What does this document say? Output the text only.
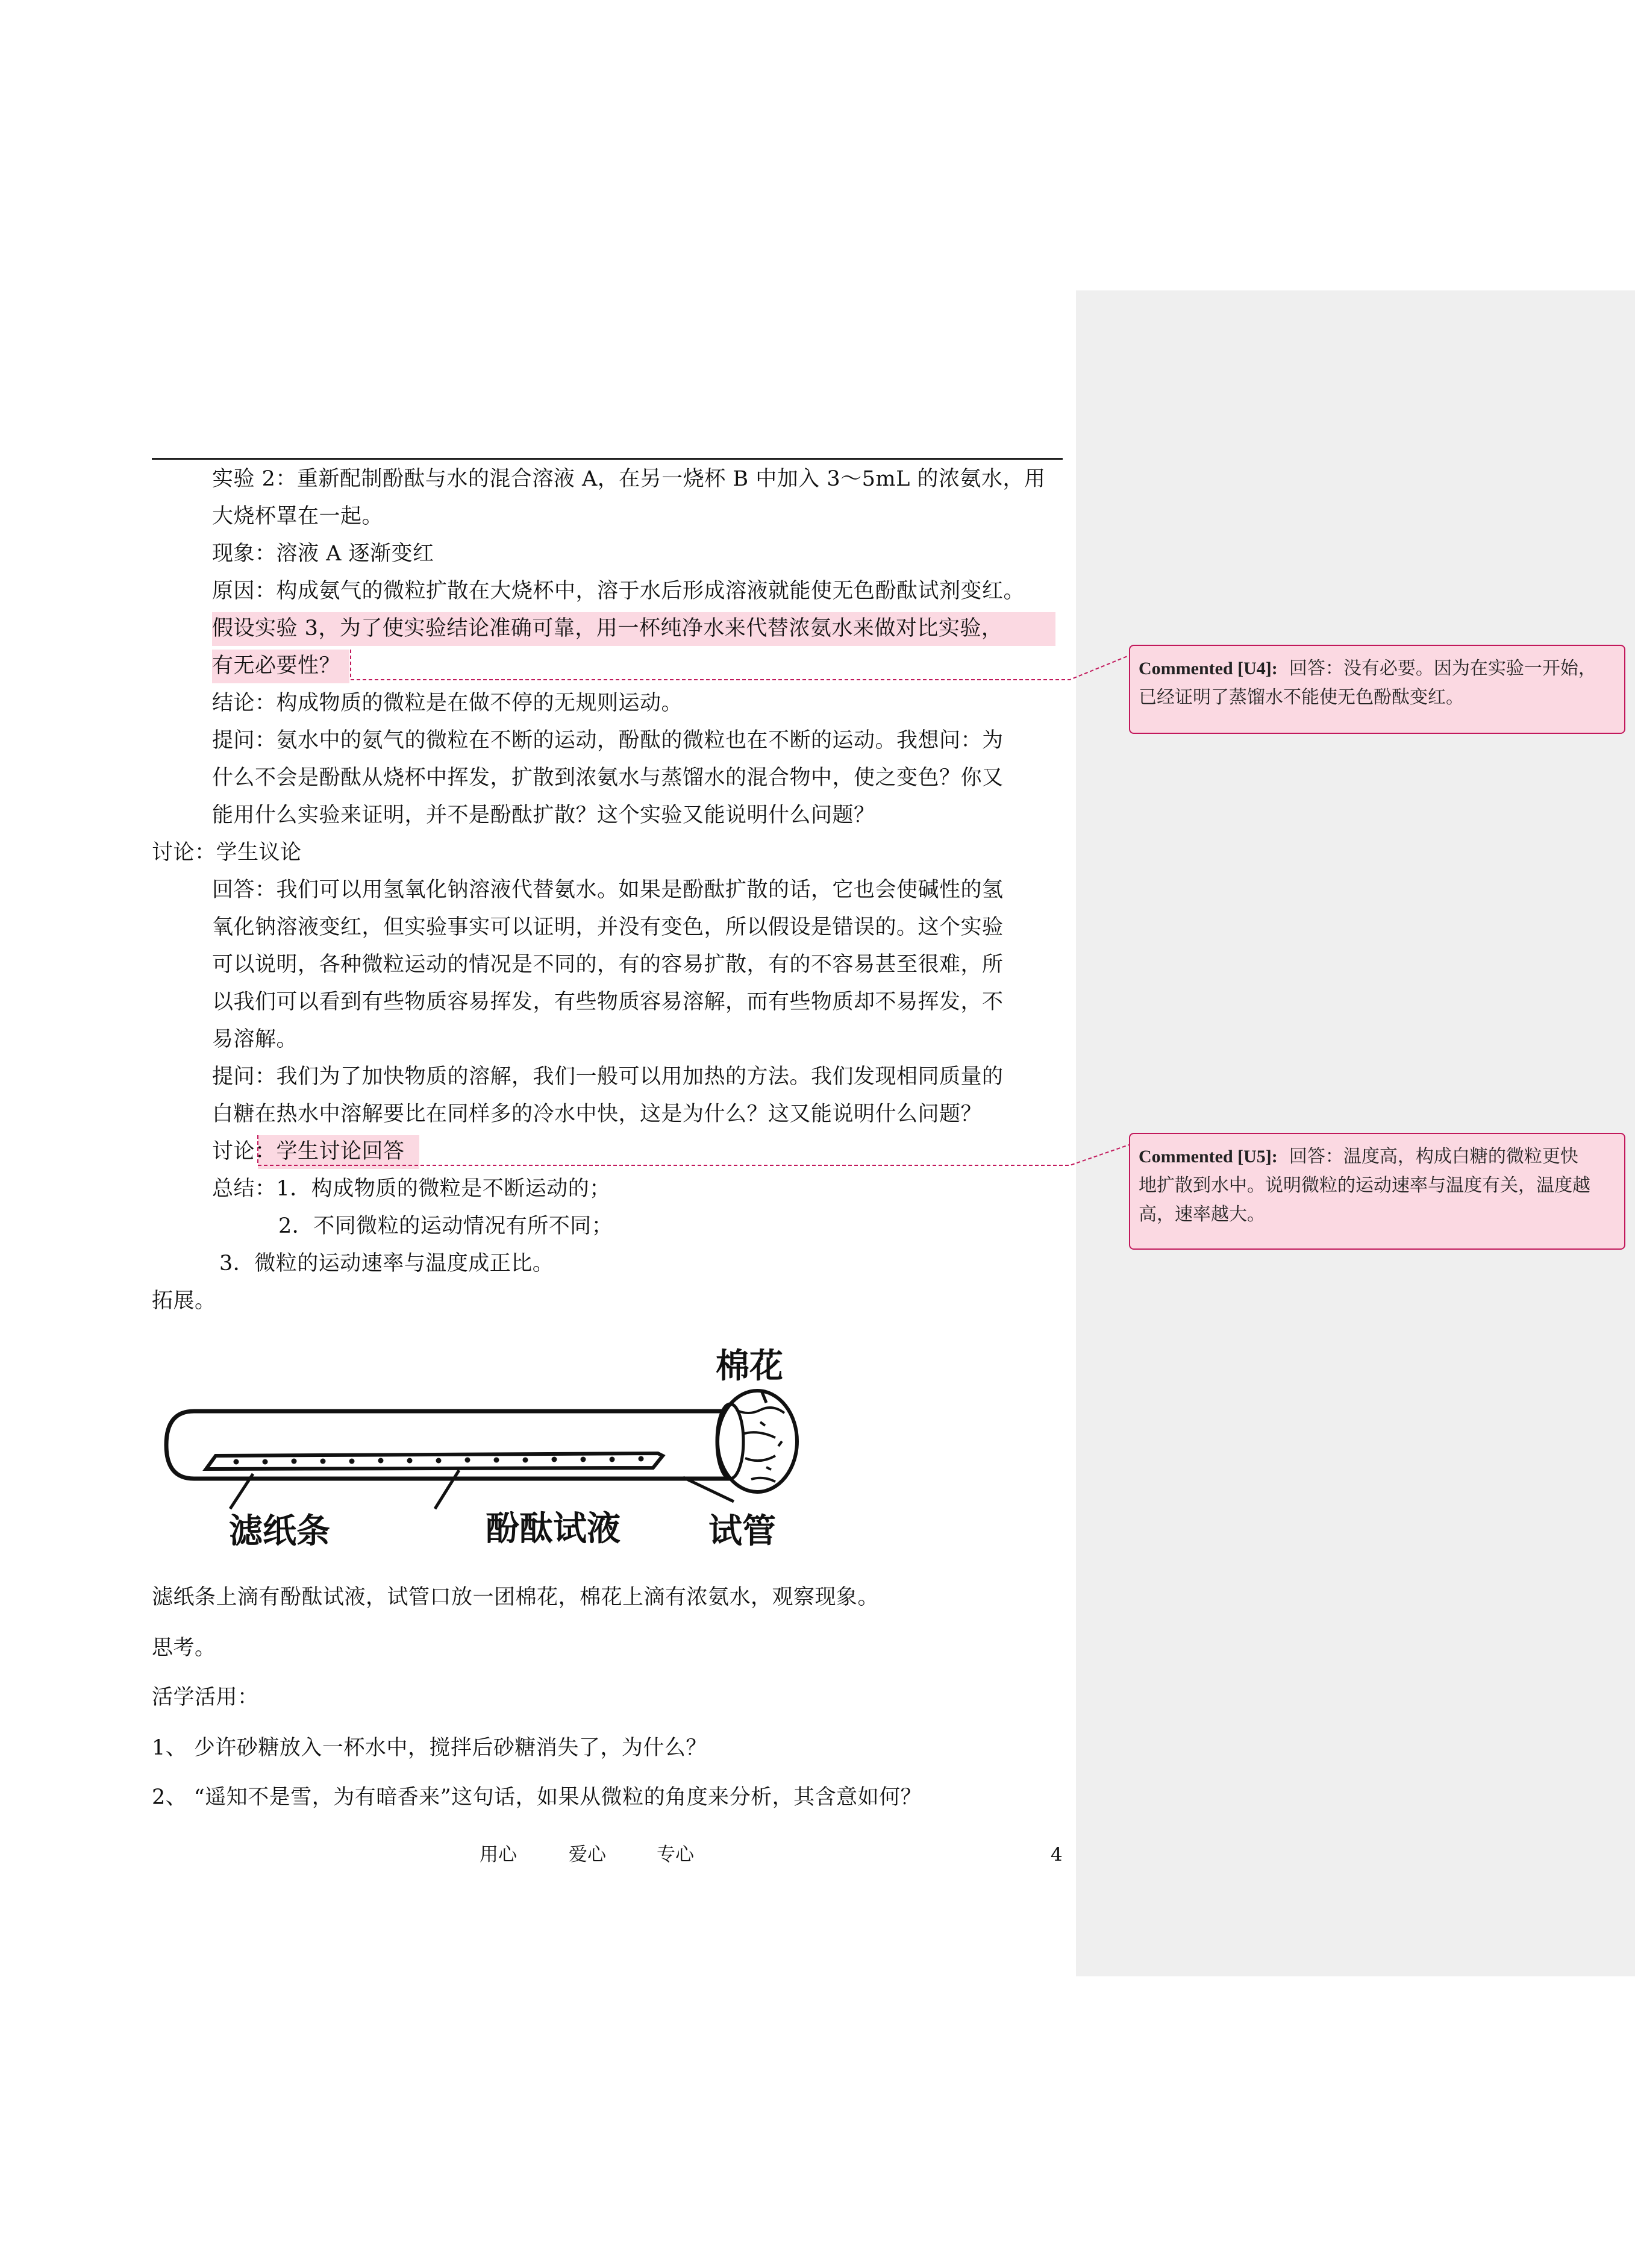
实验 2：重新配制酚酞与水的混合溶液 A，在另一烧杯 B 中加入 3～5mL 的浓氨水，用
大烧杯罩在一起。
现象：溶液 A 逐渐变红
原因：构成氨气的微粒扩散在大烧杯中，溶于水后形成溶液就能使无色酚酞试剂变红。
假设实验 3，为了使实验结论准确可靠，用一杯纯净水来代替浓氨水来做对比实验，
有无必要性？
结论：构成物质的微粒是在做不停的无规则运动。
提问：氨水中的氨气的微粒在不断的运动，酚酞的微粒也在不断的运动。我想问：为
什么不会是酚酞从烧杯中挥发，扩散到浓氨水与蒸馏水的混合物中，使之变色？你又
能用什么实验来证明，并不是酚酞扩散？这个实验又能说明什么问题？
讨论：学生议论
回答：我们可以用氢氧化钠溶液代替氨水。如果是酚酞扩散的话，它也会使碱性的氢
氧化钠溶液变红，但实验事实可以证明，并没有变色，所以假设是错误的。这个实验
可以说明，各种微粒运动的情况是不同的，有的容易扩散，有的不容易甚至很难，所
以我们可以看到有些物质容易挥发，有些物质容易溶解，而有些物质却不易挥发，不
易溶解。
提问：我们为了加快物质的溶解，我们一般可以用加热的方法。我们发现相同质量的
白糖在热水中溶解要比在同样多的冷水中快，这是为什么？这又能说明什么问题？
讨论：学生讨论回答
总结：1．构成物质的微粒是不断运动的；
2．不同微粒的运动情况有所不同；
3．微粒的运动速率与温度成正比。
拓展。
棉花
滤纸条	酚酞试液	试管
滤纸条上滴有酚酞试液，试管口放一团棉花，棉花上滴有浓氨水，观察现象。
思考。
活学活用：
1、 少许砂糖放入一杯水中，搅拌后砂糖消失了，为什么？
2、 “遥知不是雪，为有暗香来”这句话，如果从微粒的角度来分析，其含意如何？
Commented [U4]: 回答：没有必要。因为在实验一开始，
已经证明了蒸馏水不能使无色酚酞变红。
Commented [U5]: 回答：温度高，构成白糖的微粒更快
地扩散到水中。说明微粒的运动速率与温度有关，温度越
高，速率越大。
用心	爱心	专心	4
